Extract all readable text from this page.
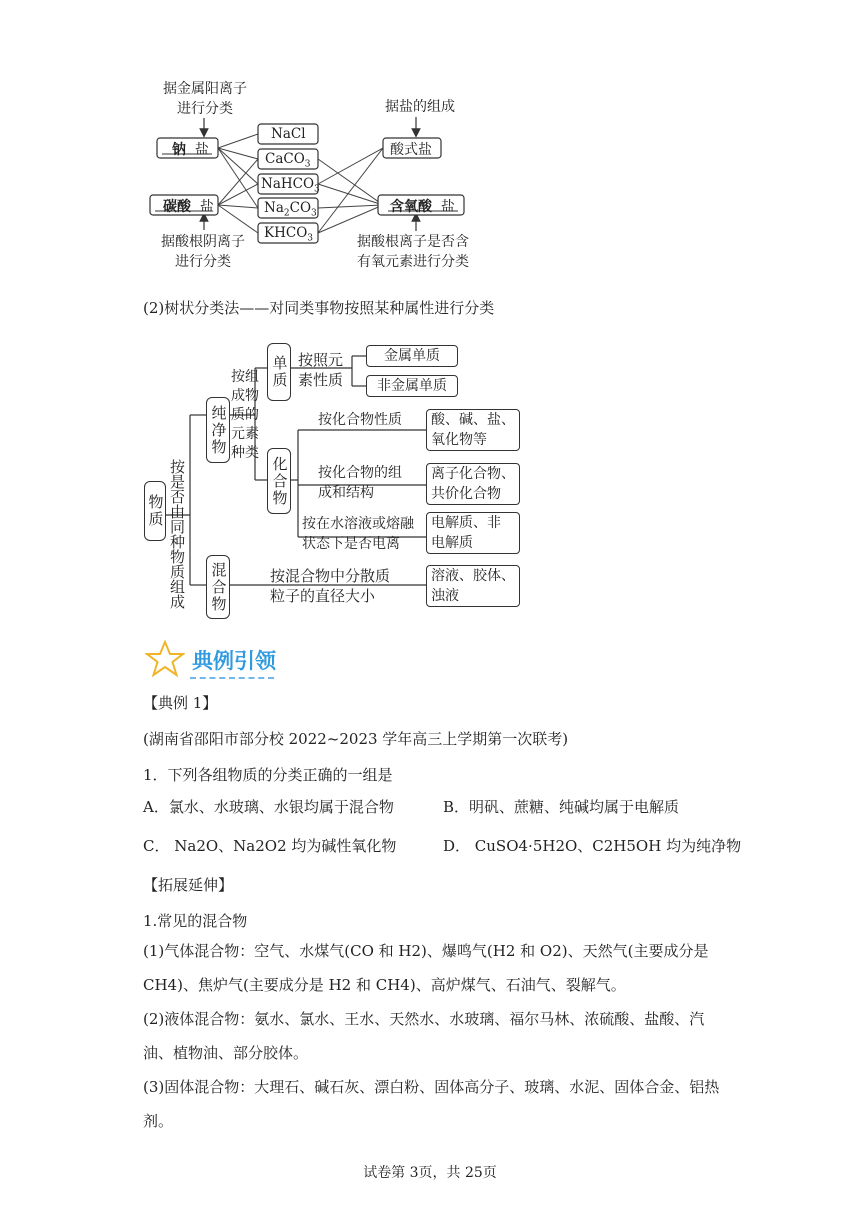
据金属阳离子
进行分类	据盐的组成
据酸根阴离子
进行分类
据酸根离子是否含
有氧元素进行分类
钠 盐
碳酸 盐
酸式盐
含氧酸 盐
NaCl
CaCO$_3$
NaHCO$_3$
$Na_2CO_3$
$KHCO_3$
(2)树状分类法——对同类事物按照某种属性进行分类
物质 按是否由同种物质组成
纯净物
按组成物质的元素种类
单质 按照元
素性质
金属单质
非金属单质
化合物
按化合物性质 酸、碱、盐、
氧化物等
按化合物的组
成和结构
离子化合物、
共价化合物
按在水溶液或熔融
状态下是否电离
电解质、非
电解质
混合物	按混合物中分散质
粒子的直径大小
溶液、胶体、
浊液
典例引领
【典例 1】
(湖南省邵阳市部分校 2022~2023 学年高三上学期第一次联考)
1．下列各组物质的分类正确的一组是
A．氯水、水玻璃、水银均属于混合物	B．明矾、蔗糖、纯碱均属于电解质
C． Na2O、Na2O2 均为碱性氧化物	D． CuSO4·5H2O、C2H5OH 均为纯净物
【拓展延伸】
1.常见的混合物
(1)气体混合物：空气、水煤气(CO 和 H2)、爆鸣气(H2 和 O2)、天然气(主要成分是 CH4)、焦炉气(主要成分是 H2 和 CH4)、高炉煤气、石油气、裂解气。
(2)液体混合物：氨水、氯水、王水、天然水、水玻璃、福尔马林、浓硫酸、盐酸、汽油、植物油、部分胶体。
(3)固体混合物：大理石、碱石灰、漂白粉、固体高分子、玻璃、水泥、固体合金、铝热剂。
试卷第 3页，共 25页
